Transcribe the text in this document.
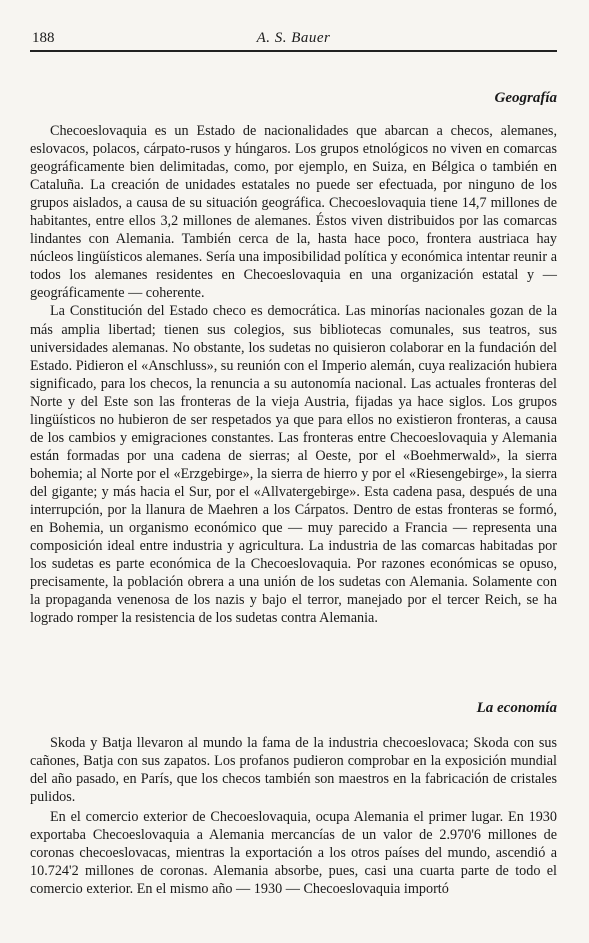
188	A. S. Bauer
Geografía

Checoeslovaquia es un Estado de nacionalidades que abarcan a checos, alemanes, eslovacos, polacos, cárpato-rusos y húngaros. Los grupos etnológicos no viven en comarcas geográficamente bien delimitadas, como, por ejemplo, en Suiza, en Bélgica o también en Cataluña. La creación de unidades estatales no puede ser efectuada, por ninguno de los grupos aislados, a causa de su situación geográfica. Checoeslovaquia tiene 14,7 millones de habitantes, entre ellos 3,2 millones de alemanes. Éstos viven distribuidos por las comarcas lindantes con Alemania. También cerca de la, hasta hace poco, frontera austriaca hay núcleos lingüísticos alemanes. Sería una imposibilidad política y económica intentar reunir a todos los alemanes residentes en Checoeslovaquia en una organización estatal y — geográficamente — coherente.

La Constitución del Estado checo es democrática. Las minorías nacionales gozan de la más amplia libertad; tienen sus colegios, sus bibliotecas comunales, sus teatros, sus universidades alemanas. No obstante, los sudetas no quisieron colaborar en la fundación del Estado. Pidieron el «Anschluss», su reunión con el Imperio alemán, cuya realización hubiera significado, para los checos, la renuncia a su autonomía nacional. Las actuales fronteras del Norte y del Este son las fronteras de la vieja Austria, fijadas ya hace siglos. Los grupos lingüísticos no hubieron de ser respetados ya que para ellos no existieron fronteras, a causa de los cambios y emigraciones constantes. Las fronteras entre Checoeslovaquia y Alemania están formadas por una cadena de sierras; al Oeste, por el «Boehmerwald», la sierra bohemia; al Norte por el «Erzgebirge», la sierra de hierro y por el «Riesengebirge», la sierra del gigante; y más hacia el Sur, por el «Allvatergebirge». Esta cadena pasa, después de una interrupción, por la llanura de Maehren a los Cárpatos. Dentro de estas fronteras se formó, en Bohemia, un organismo económico que — muy parecido a Francia — representa una composición ideal entre industria y agricultura. La industria de las comarcas habitadas por los sudetas es parte económica de la Checoeslovaquia. Por razones económicas se opuso, precisamente, la población obrera a una unión de los sudetas con Alemania. Solamente con la propaganda venenosa de los nazis y bajo el terror, manejado por el tercer Reich, se ha logrado romper la resistencia de los sudetas contra Alemania.

La economía

Skoda y Batja llevaron al mundo la fama de la industria checoeslovaca; Skoda con sus cañones, Batja con sus zapatos. Los profanos pudieron comprobar en la exposición mundial del año pasado, en París, que los checos también son maestros en la fabricación de cristales pulidos.

En el comercio exterior de Checoeslovaquia, ocupa Alemania el primer lugar. En 1930 exportaba Checoeslovaquia a Alemania mercancías de un valor de 2.970'6 millones de coronas checoeslovacas, mientras la exportación a los otros países del mundo, ascendió a 10.724'2 millones de coronas. Alemania absorbe, pues, casi una cuarta parte de todo el comercio exterior. En el mismo año — 1930 — Checoeslovaquia importó
